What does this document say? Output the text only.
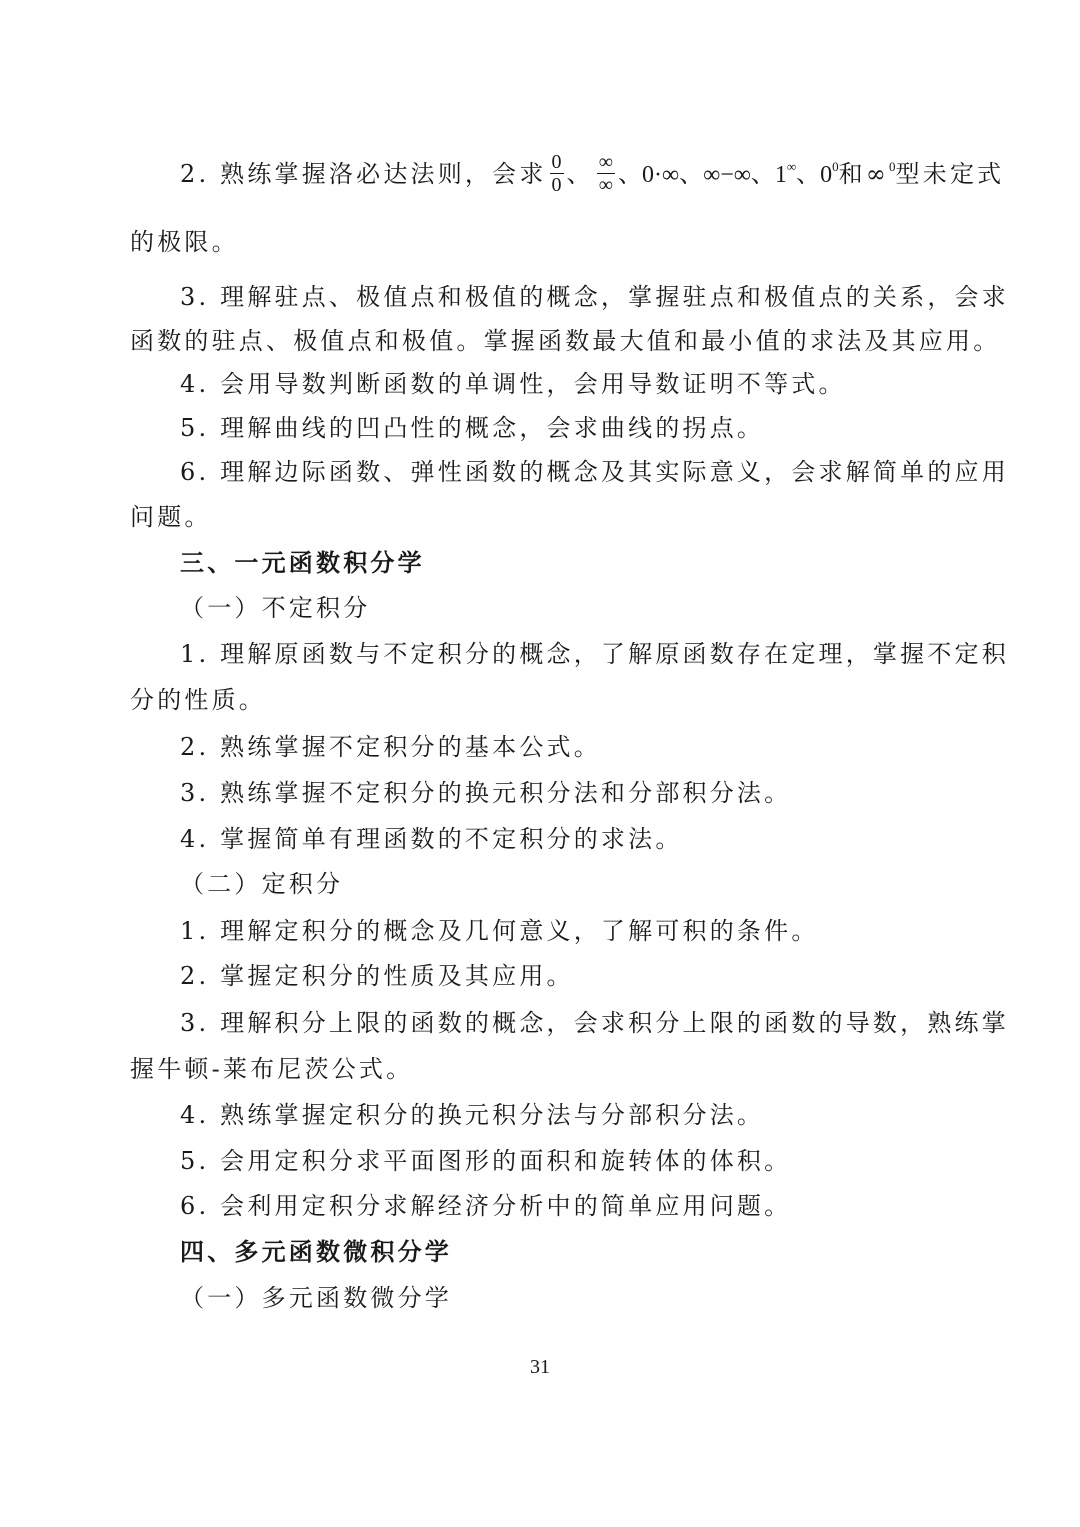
2. 熟练掌握洛必达法则，会求 $\frac{0}{0}$ 、 $\frac{\infty}{\infty}$ 、0·∞、∞−∞、1∞、$0^0$和∞$^0$型未定式
的极限。
3. 理解驻点、极值点和极值的概念，掌握驻点和极值点的关系，会求
函数的驻点、极值点和极值。掌握函数最大值和最小值的求法及其应用。
4. 会用导数判断函数的单调性，会用导数证明不等式。
5. 理解曲线的凹凸性的概念，会求曲线的拐点。
6. 理解边际函数、弹性函数的概念及其实际意义，会求解简单的应用
问题。
三、一元函数积分学
（一）不定积分
1. 理解原函数与不定积分的概念，了解原函数存在定理，掌握不定积
分的性质。
2. 熟练掌握不定积分的基本公式。
3. 熟练掌握不定积分的换元积分法和分部积分法。
4. 掌握简单有理函数的不定积分的求法。
（二）定积分
1. 理解定积分的概念及几何意义，了解可积的条件。
2. 掌握定积分的性质及其应用。
3. 理解积分上限的函数的概念，会求积分上限的函数的导数，熟练掌
握牛顿-莱布尼茨公式。
4. 熟练掌握定积分的换元积分法与分部积分法。
5. 会用定积分求平面图形的面积和旋转体的体积。
6. 会利用定积分求解经济分析中的简单应用问题。
四、多元函数微积分学
（一）多元函数微分学
31
